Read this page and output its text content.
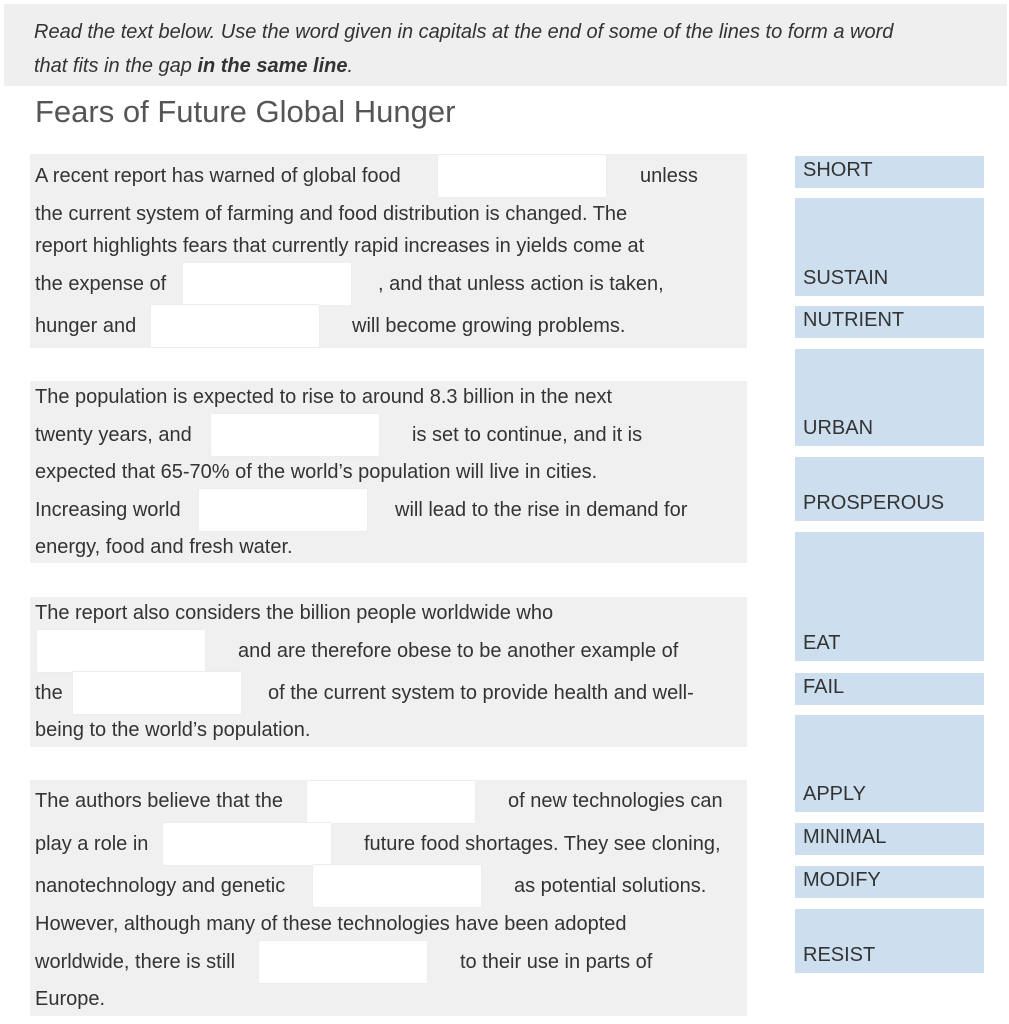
Read the text below. Use the word given in capitals at the end of some of the lines to form a word
that fits in the gap in the same line.
Fears of Future Global Hunger
A recent report has warned of global food	unless
the current system of farming and food distribution is changed. The
report highlights fears that currently rapid increases in yields come at
the expense of	, and that unless action is taken,
hunger and	will become growing problems.
The population is expected to rise to around 8.3 billion in the next
twenty years, and	is set to continue, and it is
expected that 65-70% of the world’s population will live in cities.
Increasing world	will lead to the rise in demand for
energy, food and fresh water.
The report also considers the billion people worldwide who
and are therefore obese to be another example of
the	of the current system to provide health and well-
being to the world’s population.
The authors believe that the	of new technologies can
play a role in	future food shortages. They see cloning,
nanotechnology and genetic	as potential solutions.
However, although many of these technologies have been adopted
worldwide, there is still	to their use in parts of
Europe.
SHORT
SUSTAIN
NUTRIENT
URBAN
PROSPEROUS
EAT
FAIL
APPLY
MINIMAL
MODIFY
RESIST
